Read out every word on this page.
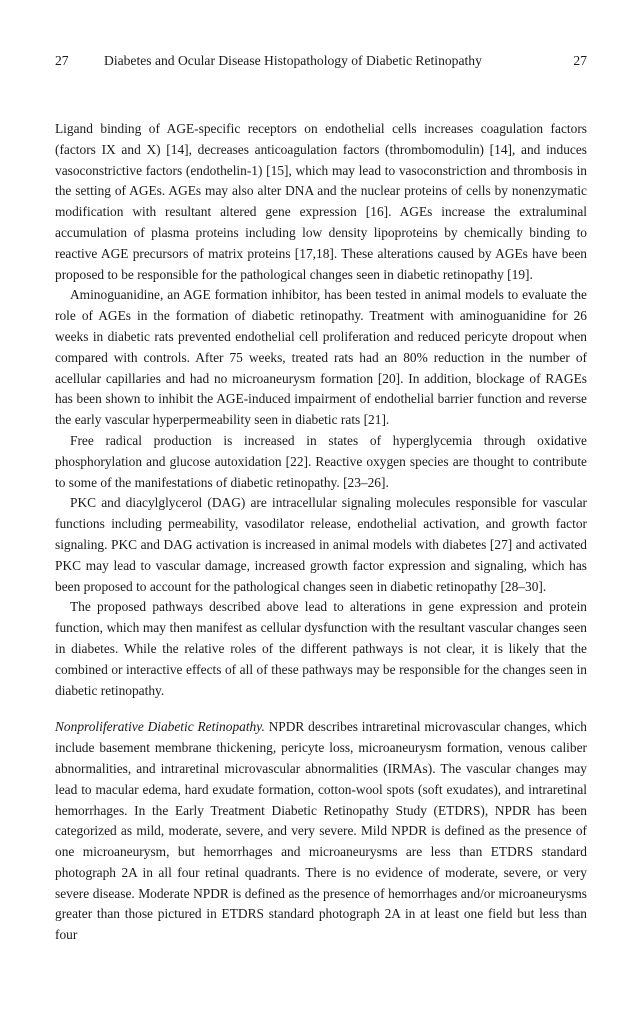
27	Diabetes and Ocular Disease Histopathology of Diabetic Retinopathy	27

Ligand binding of AGE-specific receptors on endothelial cells increases coagulation factors (factors IX and X) [14], decreases anticoagulation factors (thrombomodulin) [14], and induces vasoconstrictive factors (endothelin-1) [15], which may lead to vasoconstriction and thrombosis in the setting of AGEs. AGEs may also alter DNA and the nuclear proteins of cells by nonenzymatic modification with resultant altered gene expression [16]. AGEs increase the extraluminal accumulation of plasma proteins including low density lipoproteins by chemically binding to reactive AGE precursors of matrix proteins [17,18]. These alterations caused by AGEs have been proposed to be responsible for the pathological changes seen in diabetic retinopathy [19].

Aminoguanidine, an AGE formation inhibitor, has been tested in animal models to evaluate the role of AGEs in the formation of diabetic retinopathy. Treatment with aminoguanidine for 26 weeks in diabetic rats prevented endothelial cell proliferation and reduced pericyte dropout when compared with controls. After 75 weeks, treated rats had an 80% reduction in the number of acellular capillaries and had no microaneurysm formation [20]. In addition, blockage of RAGEs has been shown to inhibit the AGE-induced impairment of endothelial barrier function and reverse the early vascular hyperpermeability seen in diabetic rats [21].

Free radical production is increased in states of hyperglycemia through oxidative phosphorylation and glucose autoxidation [22]. Reactive oxygen species are thought to contribute to some of the manifestations of diabetic retinopathy. [23–26].

PKC and diacylglycerol (DAG) are intracellular signaling molecules responsible for vascular functions including permeability, vasodilator release, endothelial activation, and growth factor signaling. PKC and DAG activation is increased in animal models with diabetes [27] and activated PKC may lead to vascular damage, increased growth factor expression and signaling, which has been proposed to account for the pathological changes seen in diabetic retinopathy [28–30].

The proposed pathways described above lead to alterations in gene expression and protein function, which may then manifest as cellular dysfunction with the resultant vascular changes seen in diabetes. While the relative roles of the different pathways is not clear, it is likely that the combined or interactive effects of all of these pathways may be responsible for the changes seen in diabetic retinopathy.

Nonproliferative Diabetic Retinopathy. NPDR describes intraretinal microvascular changes, which include basement membrane thickening, pericyte loss, microaneurysm formation, venous caliber abnormalities, and intraretinal microvascular abnormalities (IRMAs). The vascular changes may lead to macular edema, hard exudate formation, cotton-wool spots (soft exudates), and intraretinal hemorrhages. In the Early Treatment Diabetic Retinopathy Study (ETDRS), NPDR has been categorized as mild, moderate, severe, and very severe. Mild NPDR is defined as the presence of one microaneurysm, but hemorrhages and microaneurysms are less than ETDRS standard photograph 2A in all four retinal quadrants. There is no evidence of moderate, severe, or very severe disease. Moderate NPDR is defined as the presence of hemorrhages and/or microaneurysms greater than those pictured in ETDRS standard photograph 2A in at least one field but less than four
